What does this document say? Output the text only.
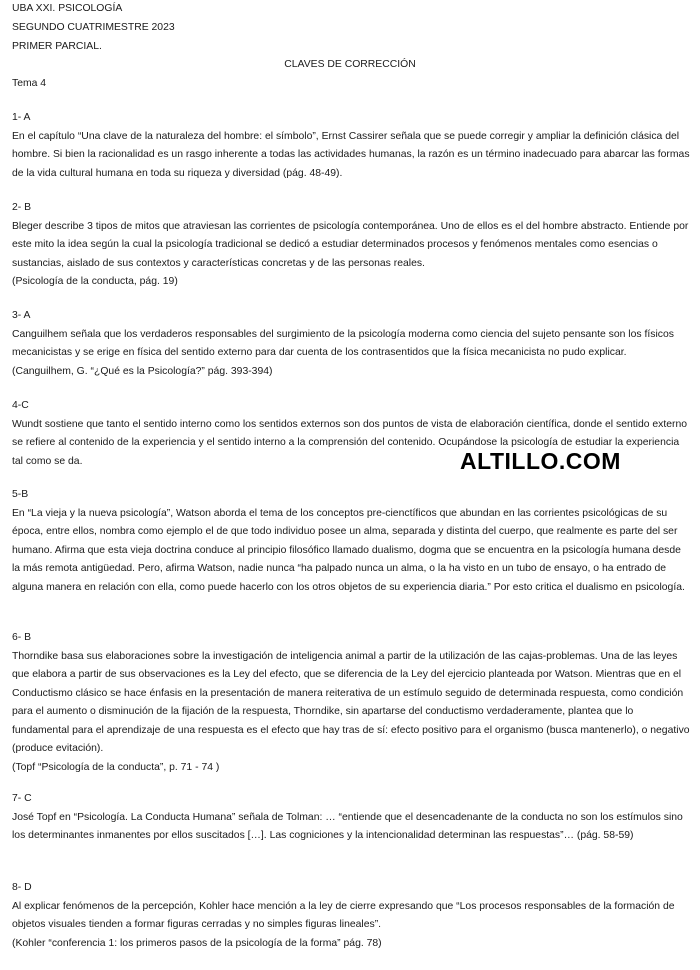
UBA XXI. PSICOLOGÍA
SEGUNDO CUATRIMESTRE 2023
PRIMER PARCIAL.
CLAVES DE CORRECCIÓN
Tema 4
1- A

En el capítulo “Una clave de la naturaleza del hombre: el símbolo”, Ernst Cassirer señala que se puede corregir y ampliar la definición clásica del hombre. Si bien la racionalidad es un rasgo inherente a todas las actividades humanas, la razón es un término inadecuado para abarcar las formas de la vida cultural humana en toda su riqueza y diversidad (pág. 48-49).

2- B

Bleger describe 3 tipos de mitos que atraviesan las corrientes de psicología contemporánea. Uno de ellos es el del hombre abstracto. Entiende por este mito la idea según la cual la psicología tradicional se dedicó a estudiar determinados procesos y fenómenos mentales como esencias o sustancias, aislado de sus contextos y características concretas y de las personas reales.

(Psicología de la conducta, pág. 19)

3- A

Canguilhem señala que los verdaderos responsables del surgimiento de la psicología moderna como ciencia del sujeto pensante son los físicos mecanicistas y se erige en física del sentido externo para dar cuenta de los contrasentidos que la física mecanicista no pudo explicar. (Canguilhem, G. “¿Qué es la Psicología?” pág. 393-394)

4-C

Wundt sostiene que tanto el sentido interno como los sentidos externos son dos puntos de vista de elaboración científica, donde el sentido externo se refiere al contenido de la experiencia y el sentido interno a la comprensión del contenido. Ocupándose la psicología de estudiar la experiencia tal como se da.	ALTILLO.COM
5-B

En “La vieja y la nueva psicología”, Watson aborda el tema de los conceptos pre-cienctíficos que abundan en las corrientes psicológicas de su época, entre ellos, nombra como ejemplo el de que todo individuo posee un alma, separada y distinta del cuerpo, que realmente es parte del ser humano. Afirma que esta vieja doctrina conduce al principio filosófico llamado dualismo, dogma que se encuentra en la psicología humana desde la más remota antigüedad. Pero, afirma Watson, nadie nunca “ha palpado nunca un alma, o la ha visto en un tubo de ensayo, o ha entrado de alguna manera en relación con ella, como puede hacerlo con los otros objetos de su experiencia diaria.” Por esto critica el dualismo en psicología.

6- B

Thorndike basa sus elaboraciones sobre la investigación de inteligencia animal a partir de la utilización de las cajas-problemas. Una de las leyes que elabora a partir de sus observaciones es la Ley del efecto, que se diferencia de la Ley del ejercicio planteada por Watson. Mientras que en el Conductismo clásico se hace énfasis en la presentación de manera reiterativa de un estímulo seguido de determinada respuesta, como condición para el aumento o disminución de la fijación de la respuesta, Thorndike, sin apartarse del conductismo verdaderamente, plantea que lo fundamental para el aprendizaje de una respuesta es el efecto que hay tras de sí: efecto positivo para el organismo (busca mantenerlo), o negativo (produce evitación).

(Topf “Psicología de la conducta”, p. 71 - 74 )

7- C

José Topf en “Psicología. La Conducta Humana” señala de Tolman: … “entiende que el desencadenante de la conducta no son los estímulos sino los determinantes inmanentes por ellos suscitados […]. Las cogniciones y la intencionalidad determinan las respuestas”… (pág. 58-59)

8- D

Al explicar fenómenos de la percepción, Kohler hace mención a la ley de cierre expresando que “Los procesos responsables de la formación de objetos visuales tienden a formar figuras cerradas y no simples figuras lineales”.

(Kohler “conferencia 1: los primeros pasos de la psicología de la forma” pág. 78)
